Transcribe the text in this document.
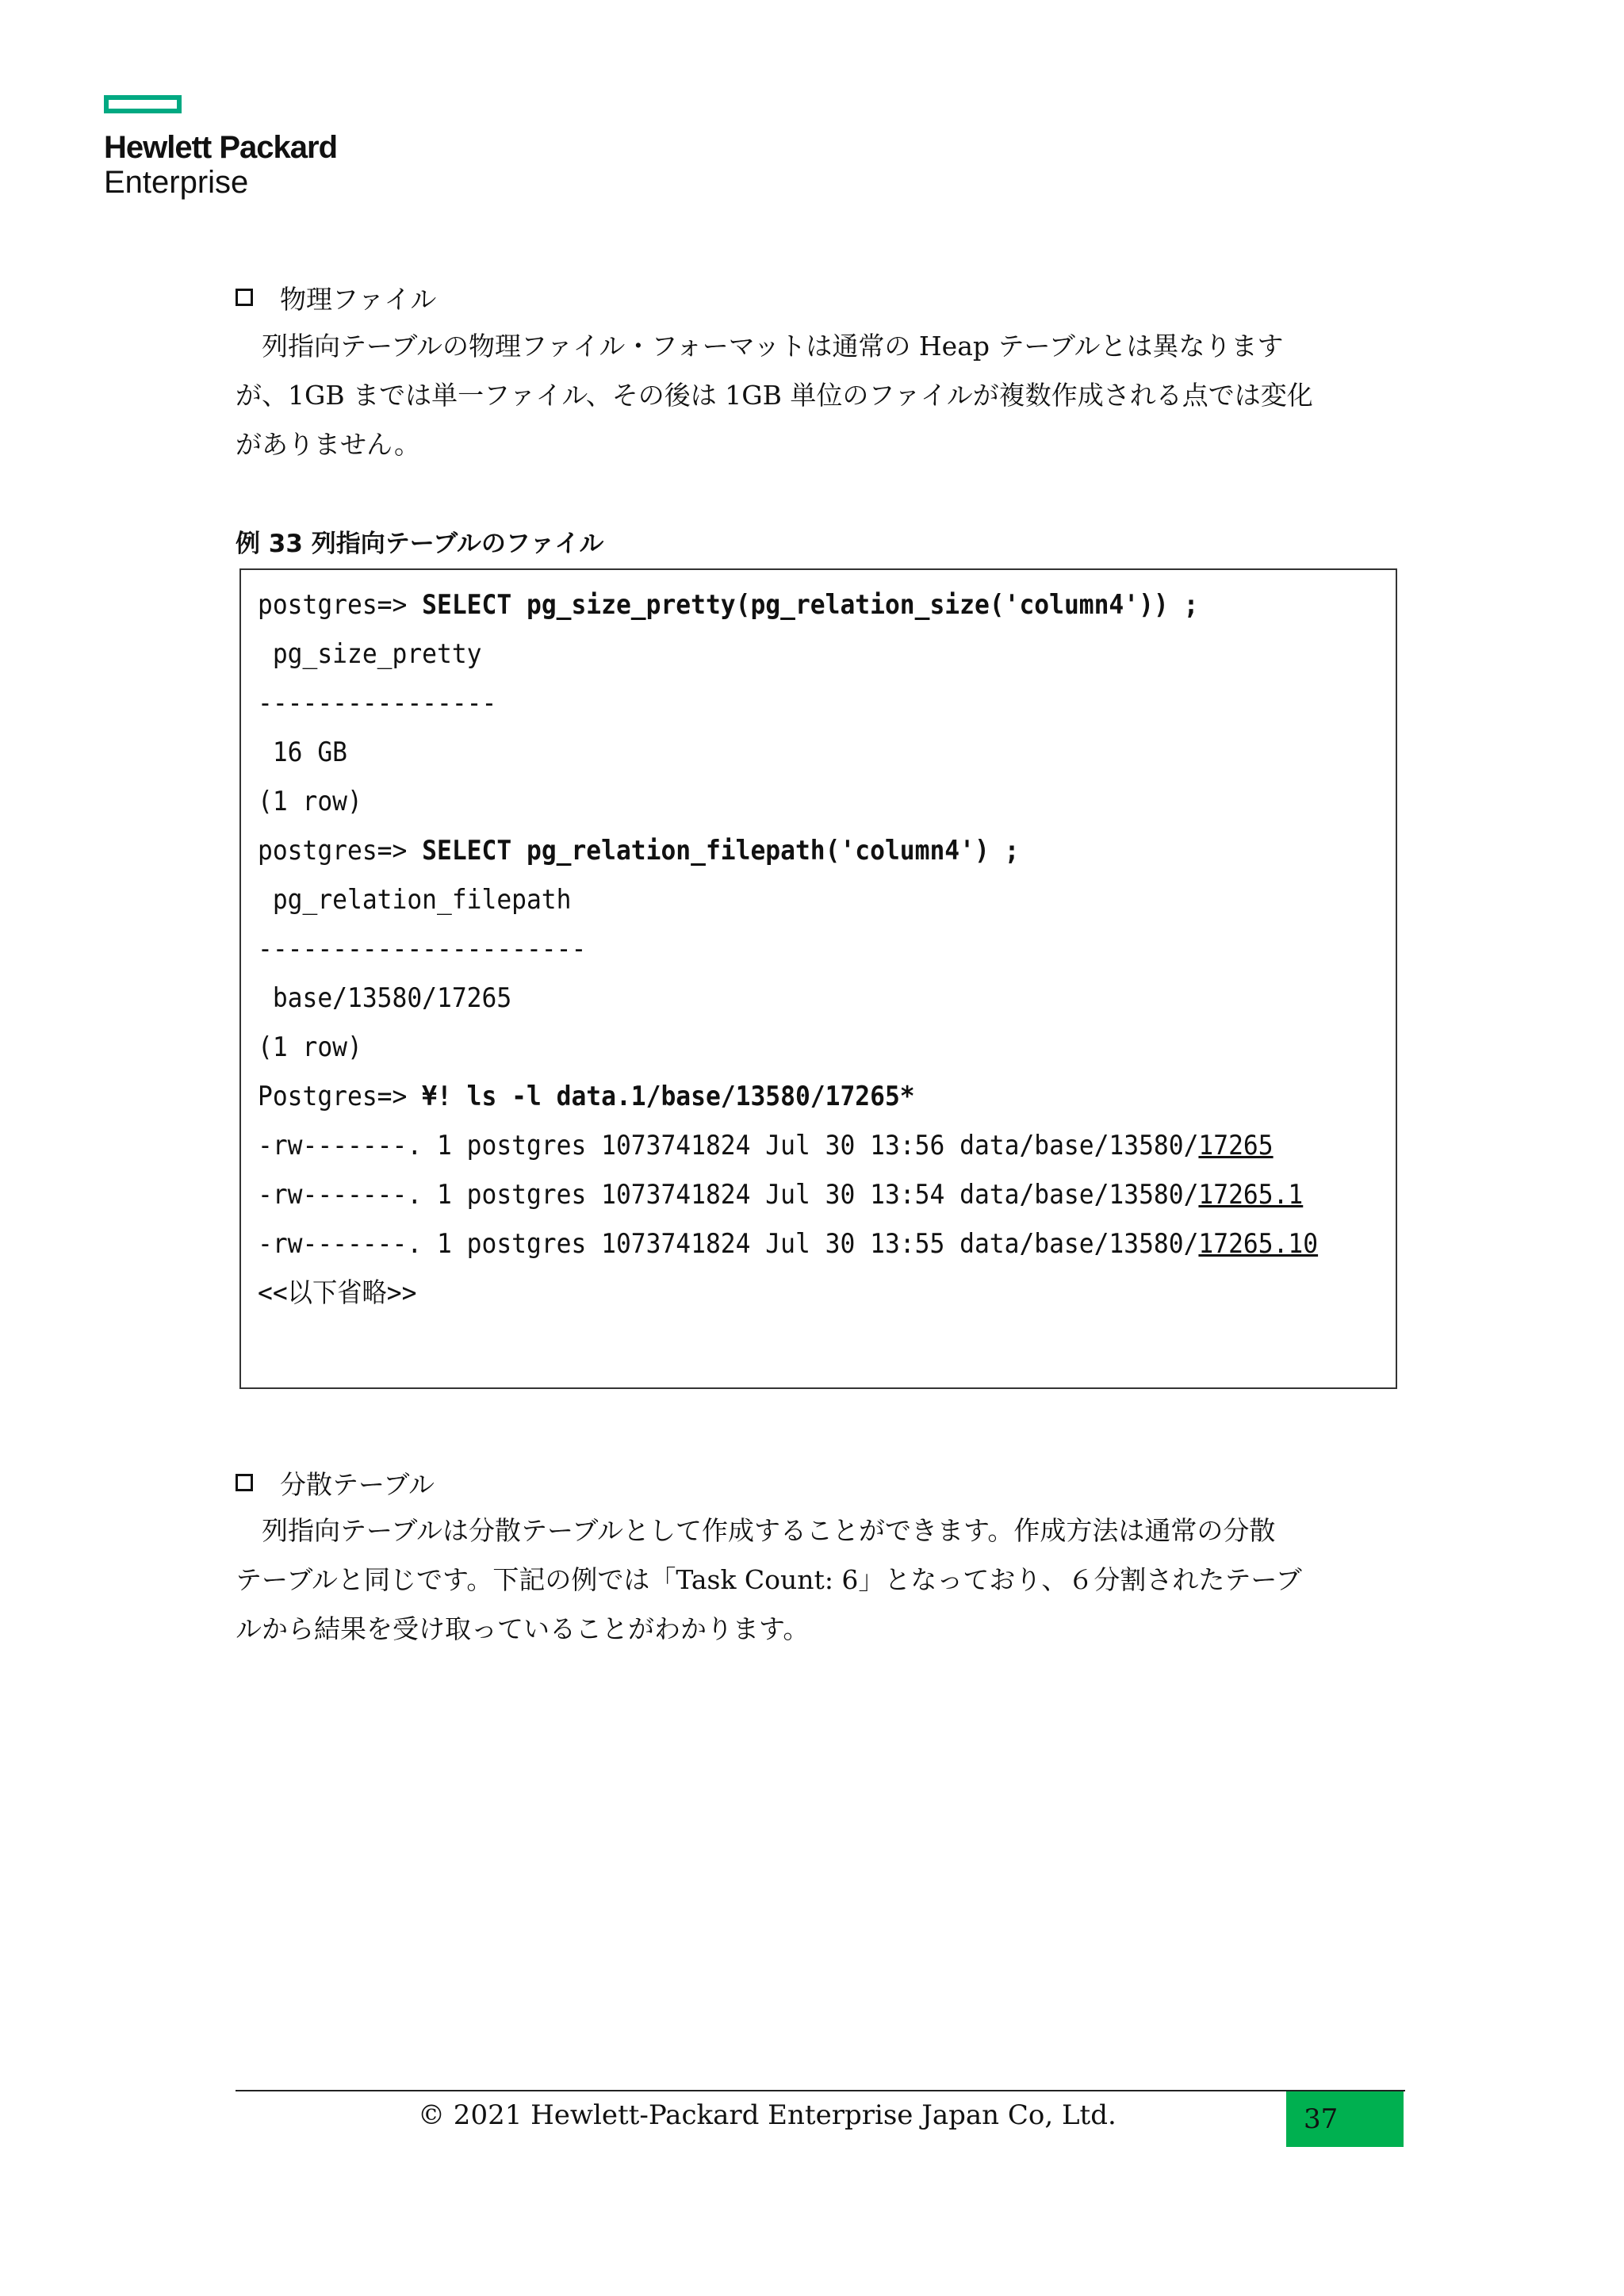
Hewlett Packard
Enterprise
物理ファイル

　列指向テーブルの物理ファイル・フォーマットは通常の Heap テーブルとは異なります

が、1GB までは単一ファイル、その後は 1GB 単位のファイルが複数作成される点では変化

がありません。

例 33 列指向テーブルのファイル
postgres=> SELECT pg_size_pretty(pg_relation_size('column4')) ;
pg_size_pretty
----------------
16 GB
(1 row)
postgres=> SELECT pg_relation_filepath('column4') ;
pg_relation_filepath
----------------------
base/13580/17265
(1 row)
Postgres=> ¥! ls -l data.1/base/13580/17265*
-rw-------. 1 postgres 1073741824 Jul 30 13:56 data/base/13580/17265
-rw-------. 1 postgres 1073741824 Jul 30 13:54 data/base/13580/17265.1
-rw-------. 1 postgres 1073741824 Jul 30 13:55 data/base/13580/17265.10
<<以下省略>>
分散テーブル

　列指向テーブルは分散テーブルとして作成することができます。作成方法は通常の分散

テーブルと同じです。下記の例では「Task Count: 6」となっており、６分割されたテーブ

ルから結果を受け取っていることがわかります。

© 2021 Hewlett-Packard Enterprise Japan Co, Ltd.	37
